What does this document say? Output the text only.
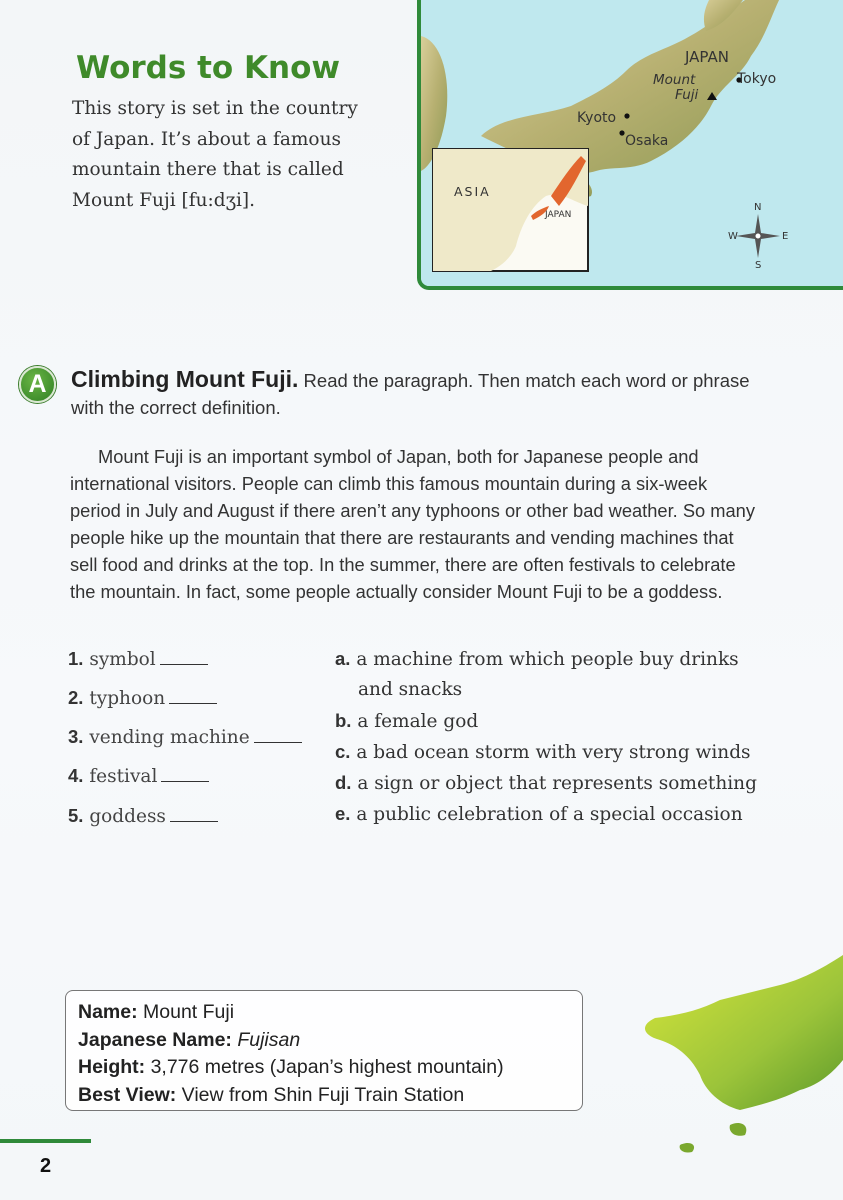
Words to Know

This story is set in the country of Japan. It’s about a famous mountain there that is called Mount Fuji [fu:dʒi].

JAPAN
Mount
Fuji
Tokyo
Kyoto
Osaka
ASIA
JAPAN
N
S
W	E
A	Climbing Mount Fuji. Read the paragraph. Then match each word or phrase with the correct definition.

Mount Fuji is an important symbol of Japan, both for Japanese people and international visitors. People can climb this famous mountain during a six-week period in July and August if there aren’t any typhoons or other bad weather. So many people hike up the mountain that there are restaurants and vending machines that sell food and drinks at the top. In the summer, there are often festivals to celebrate the mountain. In fact, some people actually consider Mount Fuji to be a goddess.

1. symbol
2. typhoon
3. vending machine
4. festival
5. goddess
a. a machine from which people buy drinks
and snacks
b. a female god
c. a bad ocean storm with very strong winds
d. a sign or object that represents something
e. a public celebration of a special occasion
Name: Mount Fuji
Japanese Name: Fujisan
Height: 3,776 metres (Japan’s highest mountain)
Best View: View from Shin Fuji Train Station
2
